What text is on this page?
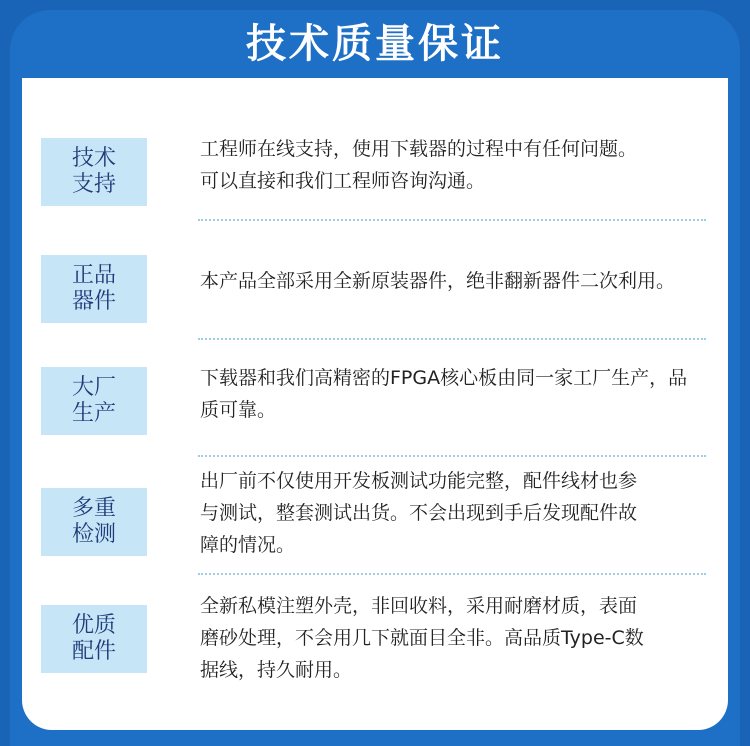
技术质量保证
技术
支持

工程师在线支持，使用下载器的过程中有任何问题。

可以直接和我们工程师咨询沟通。

正品
器件

本产品全部采用全新原装器件，绝非翻新器件二次利用。

大厂
生产

下载器和我们高精密的FPGA核心板由同一家工厂生产，品

质可靠。

多重
检测

出厂前不仅使用开发板测试功能完整，配件线材也参

与测试，整套测试出货。不会出现到手后发现配件故

障的情况。

优质
配件

全新私模注塑外壳，非回收料，采用耐磨材质，表面

磨砂处理，不会用几下就面目全非。高品质Type-C数

据线，持久耐用。
